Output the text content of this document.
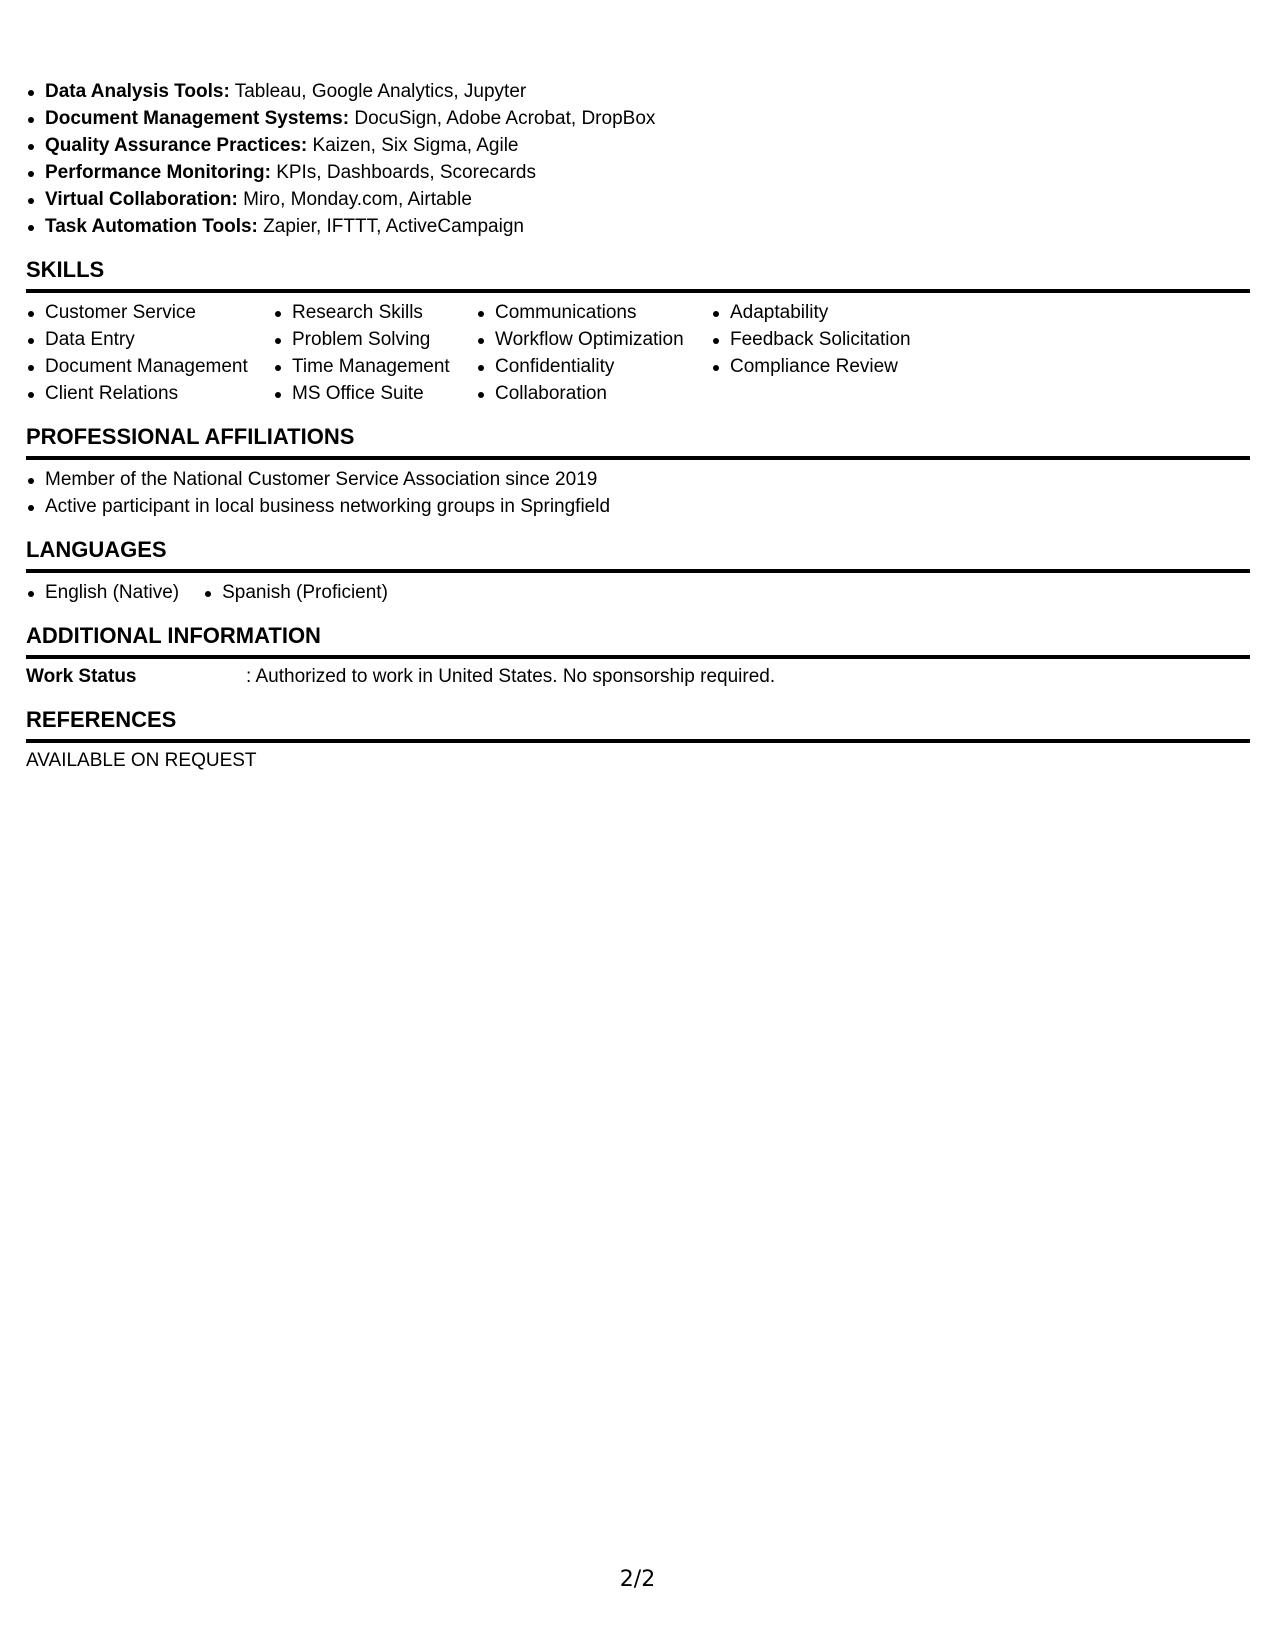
Data Analysis Tools: Tableau, Google Analytics, Jupyter
Document Management Systems: DocuSign, Adobe Acrobat, DropBox
Quality Assurance Practices: Kaizen, Six Sigma, Agile
Performance Monitoring: KPIs, Dashboards, Scorecards
Virtual Collaboration: Miro, Monday.com, Airtable
Task Automation Tools: Zapier, IFTTT, ActiveCampaign
SKILLS
Customer Service
Data Entry
Document Management
Client Relations
Research Skills
Problem Solving
Time Management
MS Office Suite
Communications
Workflow Optimization
Confidentiality
Collaboration
Adaptability
Feedback Solicitation
Compliance Review
PROFESSIONAL AFFILIATIONS
Member of the National Customer Service Association since 2019
Active participant in local business networking groups in Springfield
LANGUAGES
English (Native)	Spanish (Proficient)
ADDITIONAL INFORMATION
Work Status	: Authorized to work in United States. No sponsorship required.
REFERENCES
AVAILABLE ON REQUEST
2/2
